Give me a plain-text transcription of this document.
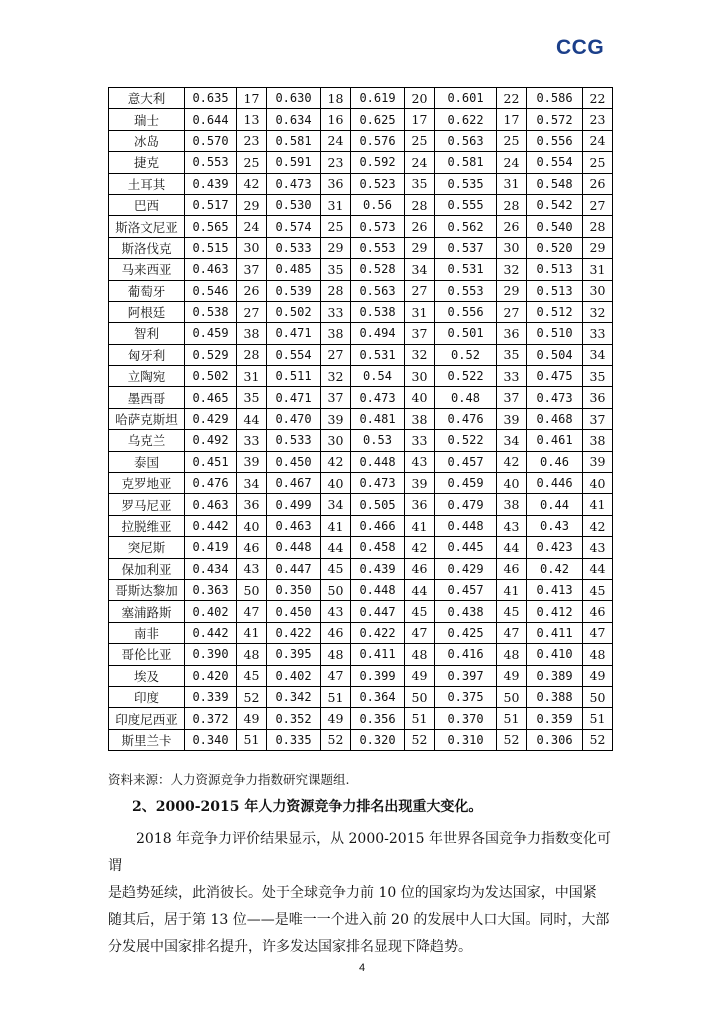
CCG
意大利	0.635	17	0.630	18	0.619	20	0.601	22	0.586	22
瑞士	0.644	13	0.634	16	0.625	17	0.622	17	0.572	23
冰岛	0.570	23	0.581	24	0.576	25	0.563	25	0.556	24
捷克	0.553	25	0.591	23	0.592	24	0.581	24	0.554	25
土耳其	0.439	42	0.473	36	0.523	35	0.535	31	0.548	26
巴西	0.517	29	0.530	31	0.56	28	0.555	28	0.542	27
斯洛文尼亚	0.565	24	0.574	25	0.573	26	0.562	26	0.540	28
斯洛伐克	0.515	30	0.533	29	0.553	29	0.537	30	0.520	29
马来西亚	0.463	37	0.485	35	0.528	34	0.531	32	0.513	31
葡萄牙	0.546	26	0.539	28	0.563	27	0.553	29	0.513	30
阿根廷	0.538	27	0.502	33	0.538	31	0.556	27	0.512	32
智利	0.459	38	0.471	38	0.494	37	0.501	36	0.510	33
匈牙利	0.529	28	0.554	27	0.531	32	0.52	35	0.504	34
立陶宛	0.502	31	0.511	32	0.54	30	0.522	33	0.475	35
墨西哥	0.465	35	0.471	37	0.473	40	0.48	37	0.473	36
哈萨克斯坦	0.429	44	0.470	39	0.481	38	0.476	39	0.468	37
乌克兰	0.492	33	0.533	30	0.53	33	0.522	34	0.461	38
泰国	0.451	39	0.450	42	0.448	43	0.457	42	0.46	39
克罗地亚	0.476	34	0.467	40	0.473	39	0.459	40	0.446	40
罗马尼亚	0.463	36	0.499	34	0.505	36	0.479	38	0.44	41
拉脱维亚	0.442	40	0.463	41	0.466	41	0.448	43	0.43	42
突尼斯	0.419	46	0.448	44	0.458	42	0.445	44	0.423	43
保加利亚	0.434	43	0.447	45	0.439	46	0.429	46	0.42	44
哥斯达黎加	0.363	50	0.350	50	0.448	44	0.457	41	0.413	45
塞浦路斯	0.402	47	0.450	43	0.447	45	0.438	45	0.412	46
南非	0.442	41	0.422	46	0.422	47	0.425	47	0.411	47
哥伦比亚	0.390	48	0.395	48	0.411	48	0.416	48	0.410	48
埃及	0.420	45	0.402	47	0.399	49	0.397	49	0.389	49
印度	0.339	52	0.342	51	0.364	50	0.375	50	0.388	50
印度尼西亚	0.372	49	0.352	49	0.356	51	0.370	51	0.359	51
斯里兰卡	0.340	51	0.335	52	0.320	52	0.310	52	0.306	52
资料来源：人力资源竞争力指数研究课题组.
2、2000-2015 年人力资源竞争力排名出现重大变化。
2018 年竞争力评价结果显示，从 2000-2015 年世界各国竞争力指数变化可谓
是趋势延续，此消彼长。处于全球竞争力前 10 位的国家均为发达国家，中国紧
随其后，居于第 13 位——是唯一一个进入前 20 的发展中人口大国。同时，大部
分发展中国家排名提升，许多发达国家排名显现下降趋势。
4
